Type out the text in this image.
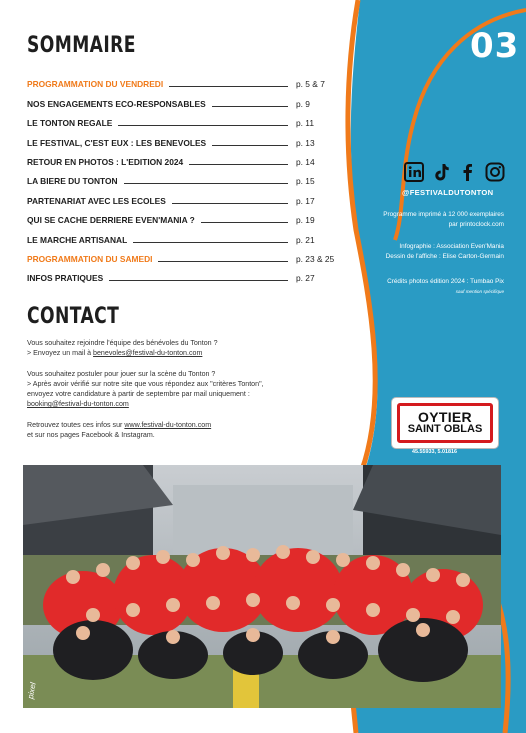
03
SOMMAIRE
PROGRAMMATION DU VENDREDI	p. 5 & 7
NOS ENGAGEMENTS ECO-RESPONSABLES	p. 9
LE TONTON REGALE	p. 11
LE FESTIVAL, C'EST EUX : LES BENEVOLES	p. 13
RETOUR EN PHOTOS : L'EDITION 2024	p. 14
LA BIERE DU TONTON	p. 15
PARTENARIAT AVEC LES ECOLES	p. 17
QUI SE CACHE DERRIERE EVEN'MANIA ?	p. 19
LE MARCHE ARTISANAL	p. 21
PROGRAMMATION DU SAMEDI	p. 23 & 25
INFOS PRATIQUES	p. 27
CONTACT

Vous souhaitez rejoindre l'équipe des bénévoles du Tonton ?
> Envoyez un mail à benevoles@festival-du-tonton.com

Vous souhaitez postuler pour jouer sur la scène du Tonton ?
> Après avoir vérifié sur notre site que vous répondez aux "critères Tonton",
envoyez votre candidature à partir de septembre par mail uniquement :
booking@festival-du-tonton.com

Retrouvez toutes ces infos sur www.festival-du-tonton.com
et sur nos pages Facebook & Instagram.

@FESTIVALDUTONTON
Programme imprimé à 12 000 exemplaires
par printoclock.com
Infographie : Association Even'Mania
Dessin de l'affiche : Elise Carton-Germain
Crédits photos édition 2024 : Tumbao Pix
sauf mention spécifique
OYTIER
SAINT OBLAS
45.55933, 5.01816
pixel
